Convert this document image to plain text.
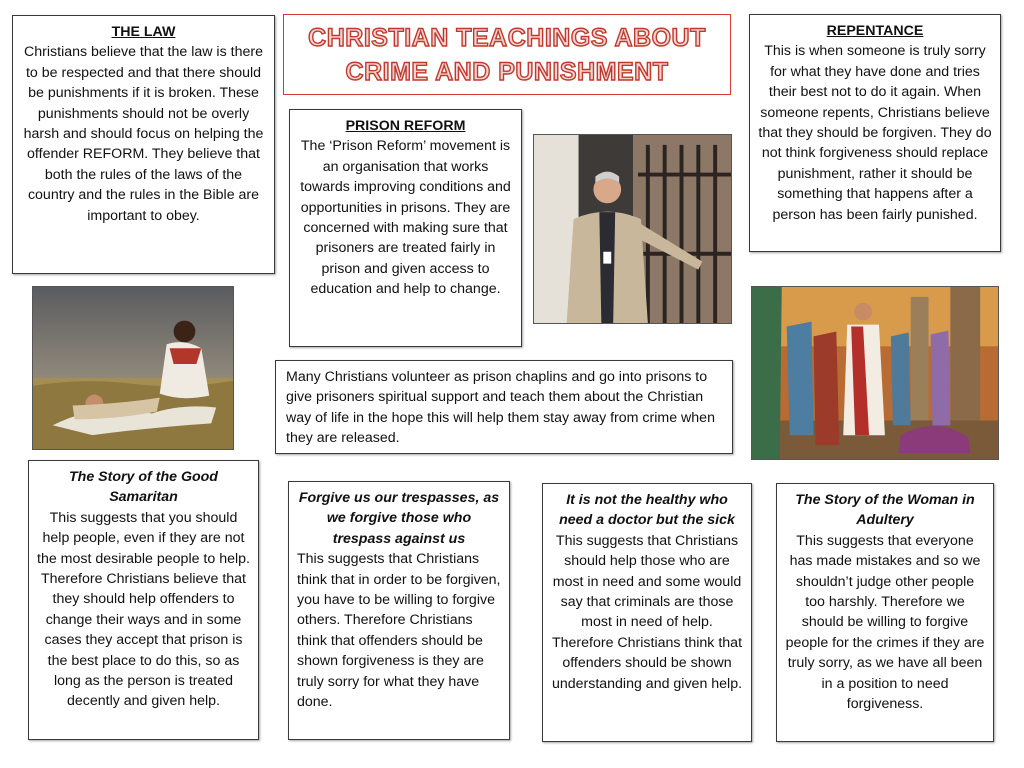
CHRISTIAN TEACHINGS ABOUT
CRIME AND PUNISHMENT
THE LAW

Christians believe that the law is there to be respected and that there should be punishments if it is broken. These punishments should not be overly harsh and should focus on helping the offender REFORM. They believe that both the rules of the laws of the country and the rules in the Bible are important to obey.

PRISON REFORM

The ‘Prison Reform’ movement is an organisation that works towards improving conditions and opportunities in prisons. They are concerned with making sure that prisoners are treated fairly in prison and given access to education and help to change.

REPENTANCE

This is when someone is truly sorry for what they have done and tries their best not to do it again. When someone repents, Christians believe that they should be forgiven. They do not think forgiveness should replace punishment, rather it should be something that happens after a person has been fairly punished.

Many Christians volunteer as prison chaplins and go into prisons to give prisoners spiritual support and teach them about the Christian way of life in the hope this will help them stay away from crime when they are released.

The Story of the Good Samaritan

This suggests that you should help people, even if they are not the most desirable people to help. Therefore Christians believe that they should help offenders to change their ways and in some cases they accept that prison is the best place to do this, so as long as the person is treated decently and given help.

Forgive us our trespasses, as we forgive those who trespass against us

This suggests that Christians think that in order to be forgiven, you have to be willing to forgive others. Therefore Christians think that offenders should be shown forgiveness is they are truly sorry for what they have done.

It is not the healthy who need a doctor but the sick

This suggests that Christians should help those who are most in need and some would say that criminals are those most in need of help. Therefore Christians think that offenders should be shown understanding and given help.

The Story of the Woman in Adultery

This suggests that everyone has made mistakes and so we shouldn’t judge other people too harshly. Therefore we should be willing to forgive people for the crimes if they are truly sorry, as we have all been in a position to need forgiveness.
